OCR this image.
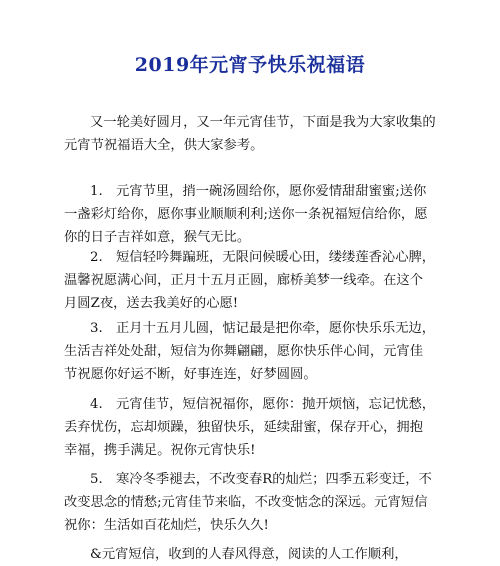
2019年元宵予快乐祝福语

又一轮美好圆月，又一年元宵佳节，下面是我为大家收集的元宵节祝福语大全，供大家参考。

1.　元宵节里，捎一碗汤圆给你，愿你爱情甜甜蜜蜜;送你一盏彩灯给你，愿你事业顺顺利利;送你一条祝福短信给你，愿你的日子吉祥如意，猴气无比。

2.　短信轻吟舞蹁班，无限问候暖心田，缕缕莲香沁心脾，温馨祝愿满心间，正月十五月正圆，廊桥美梦一线牵。在这个月圆Z夜，送去我美好的心愿!

3.　正月十五月儿圆，惦记最是把你牵，愿你快乐乐无边，生活吉祥处处甜，短信为你舞翩翩，愿你快乐伴心间，元宵佳节祝愿你好运不断，好事连连，好梦圆圆。

4.　元宵佳节，短信祝福你，愿你：抛开烦恼，忘记忧愁，丢弃忧伤，忘却烦躁，独留快乐，延续甜蜜，保存开心，拥抱幸福，携手满足。祝你元宵快乐!

5.　寒冷冬季褪去，不改变春R的灿烂；四季五彩变迁，不改变思念的情愁;元宵佳节来临，不改变惦念的深远。元宵短信祝你：生活如百花灿烂，快乐久久!

&元宵短信，收到的人春风得意，阅读的人工作顺利，
